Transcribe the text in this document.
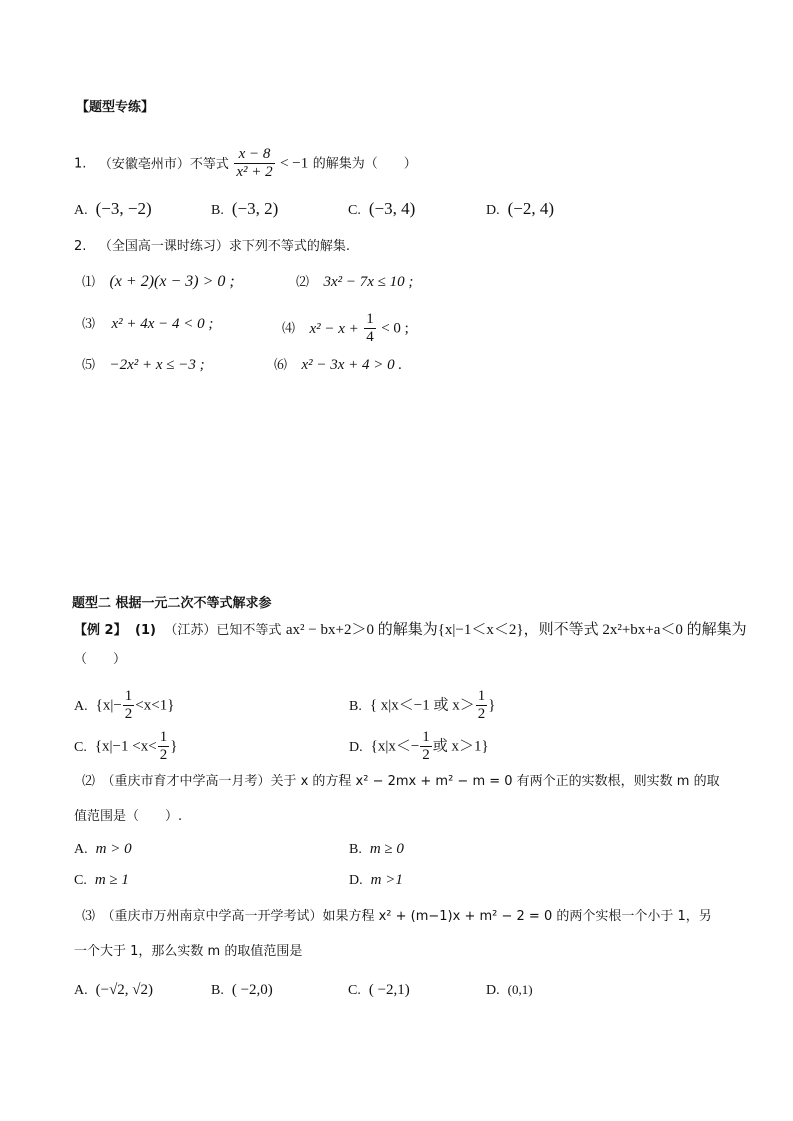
【题型专练】
1. （安徽亳州市）不等式 $\frac{x - 8}{\text{x² + 2}} < -1$ 的解集为（　　）
A. (−3, −2)	B. (−3, 2)	C. (−3, 4)	D. (−2, 4)
2. （全国高一课时练习）求下列不等式的解集.
⑴ (x + 2)(x − 3) > 0 ;	⑵ 3x² − 7x ≤ 10 ;
⑶ x² + 4x − 4 < 0 ;	⑷ $x^2 - x + \frac{1}{4} < 0$ ;
⑸ −2x² + x ≤ −3 ;	⑹ x² − 3x + 4 > 0 .
题型二 根据一元二次不等式解求参
【例 2】 (1) （江苏）已知不等式 ax² − bx+2＞0 的解集为{x|−1＜x＜2}，则不等式 2x²+bx+a＜0 的解集为
（　　）
A. $\{x|- \frac{1}{2} <x<1\}$	B. { x|x＜−1 或 $x> \frac{1}{2}$ }
C. {$x|-1 <x< \frac{1}{2}$ }	D. {$x|x<- \frac{1}{2}$ 或 x＞1}
⑵ （重庆市育才中学高一月考）关于 x 的方程 x² − 2mx + m² − m = 0 有两个正的实数根，则实数 m 的取
值范围是（　　）.
A. m > 0	B. m ≥ 0
C. m ≥ 1	D. m >1
⑶ （重庆市万州南京中学高一开学考试）如果方程 x² + (m−1)x + m² − 2 = 0 的两个实根一个小于 1，另
一个大于 1，那么实数 m 的取值范围是
A. (−√2, √2)	B. ( −2,0)	C. ( −2,1)	D. (0,1)
